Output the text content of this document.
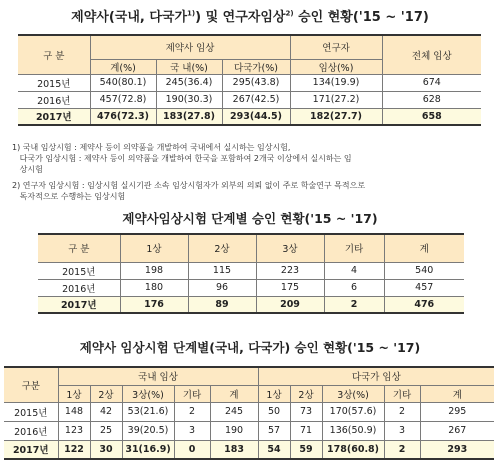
제약사(국내, 다국가$^{1)}$) 및 연구자임상$^{2)}$ 승인 현황('15 ~ '17)
구 분	제약사 임상			연구자	전체 임상
	계(%)	국 내(%)	다국가(%)	임상(%)	
2015년	540(80.1)	245(36.4)	295(43.8)	134(19.9)	674
2016년	457(72.8)	190(30.3)	267(42.5)	171(27.2)	628
2017년	476(72.3)	183(27.8)	293(44.5)	182(27.7)	658

1) 국내 임상시험 : 제약사 등이 의약품을 개발하여 국내에서 실시하는 임상시험,

다국가 임상시험 : 제약사 등이 의약품을 개발하여 한국을 포함하여 2개국 이상에서 실시하는 임

상시험

2) 연구자 임상시험 : 임상시험 실시기관 소속 임상시험자가 외부의 의뢰 없이 주로 학술연구 목적으로

독자적으로 수행하는 임상시험

제약사임상시험 단계별 승인 현황('15 ~ '17)
구 분	1상	2상	3상	기타	계
2015년	198	115	223	4	540
2016년	180	96	175	6	457
2017년	176	89	209	2	476
제약사 임상시험 단계별(국내, 다국가) 승인 현황('15 ~ '17)
구분	국내 임상					다국가 임상				
	1상	2상	3상(%)	기타	계	1상	2상	3상(%)	기타	계
2015년	148	42	53(21.6)	2	245	50	73	170(57.6)	2	295
2016년	123	25	39(20.5)	3	190	57	71	136(50.9)	3	267
2017년	122	30	31(16.9)	0	183	54	59	178(60.8)	2	293
